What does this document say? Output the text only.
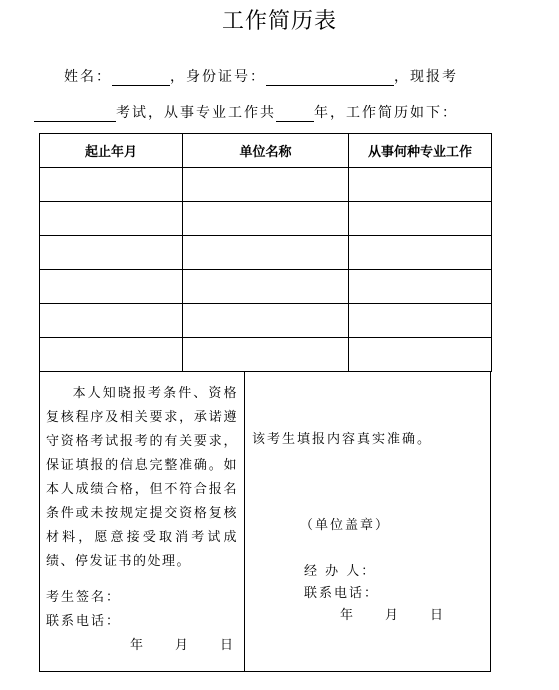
工作简历表
姓名：	，身份证号：	，现报考
考试，从事专业工作共	年，工作简历如下：
起止年月	单位名称	从事何种专业工作

本人知晓报考条件、资格复核程序及相关要求，承诺遵守资格考试报考的有关要求，保证填报的信息完整准确。如本人成绩合格，但不符合报名条件或未按规定提交资格复核材料，愿意接受取消考试成绩、停发证书的处理。
考生签名：
联系电话：
年　　月　　日
该考生填报内容真实准确。
（单位盖章）
经 办 人：
联系电话：
年　　月　　日
